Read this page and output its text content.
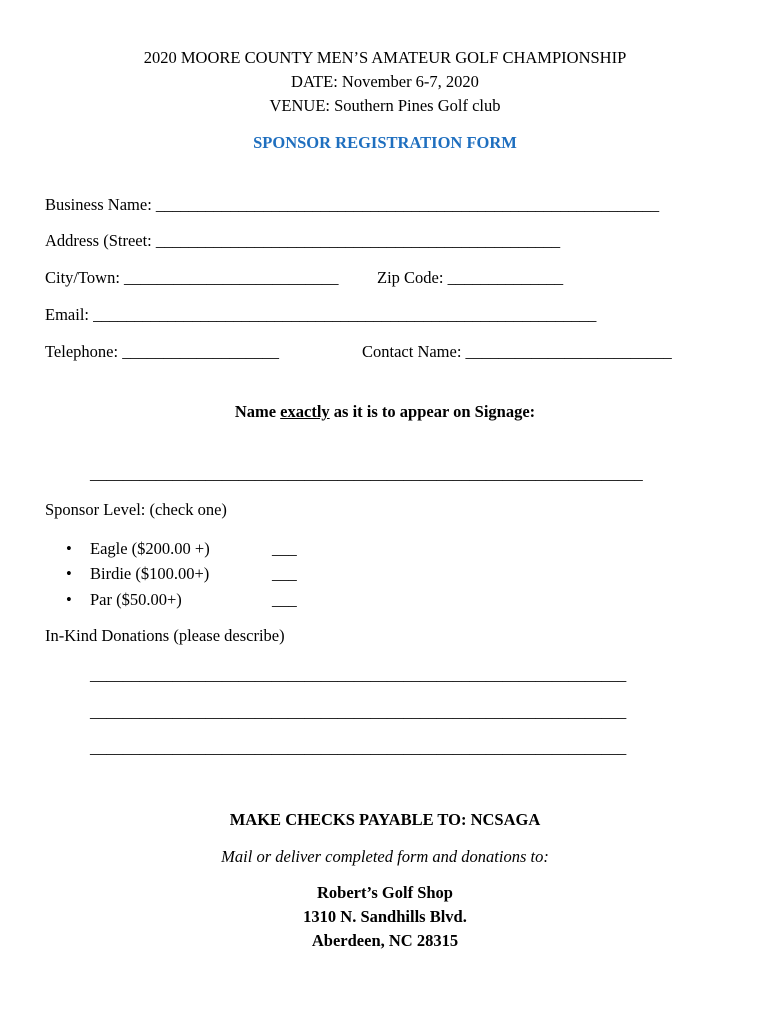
2020 MOORE COUNTY MEN’S AMATEUR GOLF CHAMPIONSHIP
DATE: November 6-7, 2020
VENUE: Southern Pines Golf club
SPONSOR REGISTRATION FORM
Business Name: _____________________________________________________________
Address (Street: _________________________________________________
City/Town: __________________________ Zip Code: ______________
Email: _____________________________________________________________
Telephone: ___________________	Contact Name: _________________________
Name exactly as it is to appear on Signage:
___________________________________________________________________
Sponsor Level: (check one)
• Eagle ($200.00 +)	___
• Birdie ($100.00+)	___
• Par ($50.00+)	___
In-Kind Donations (please describe)
_________________________________________________________________
_________________________________________________________________
_________________________________________________________________
MAKE CHECKS PAYABLE TO: NCSAGA
Mail or deliver completed form and donations to:
Robert’s Golf Shop
1310 N. Sandhills Blvd.
Aberdeen, NC 28315
